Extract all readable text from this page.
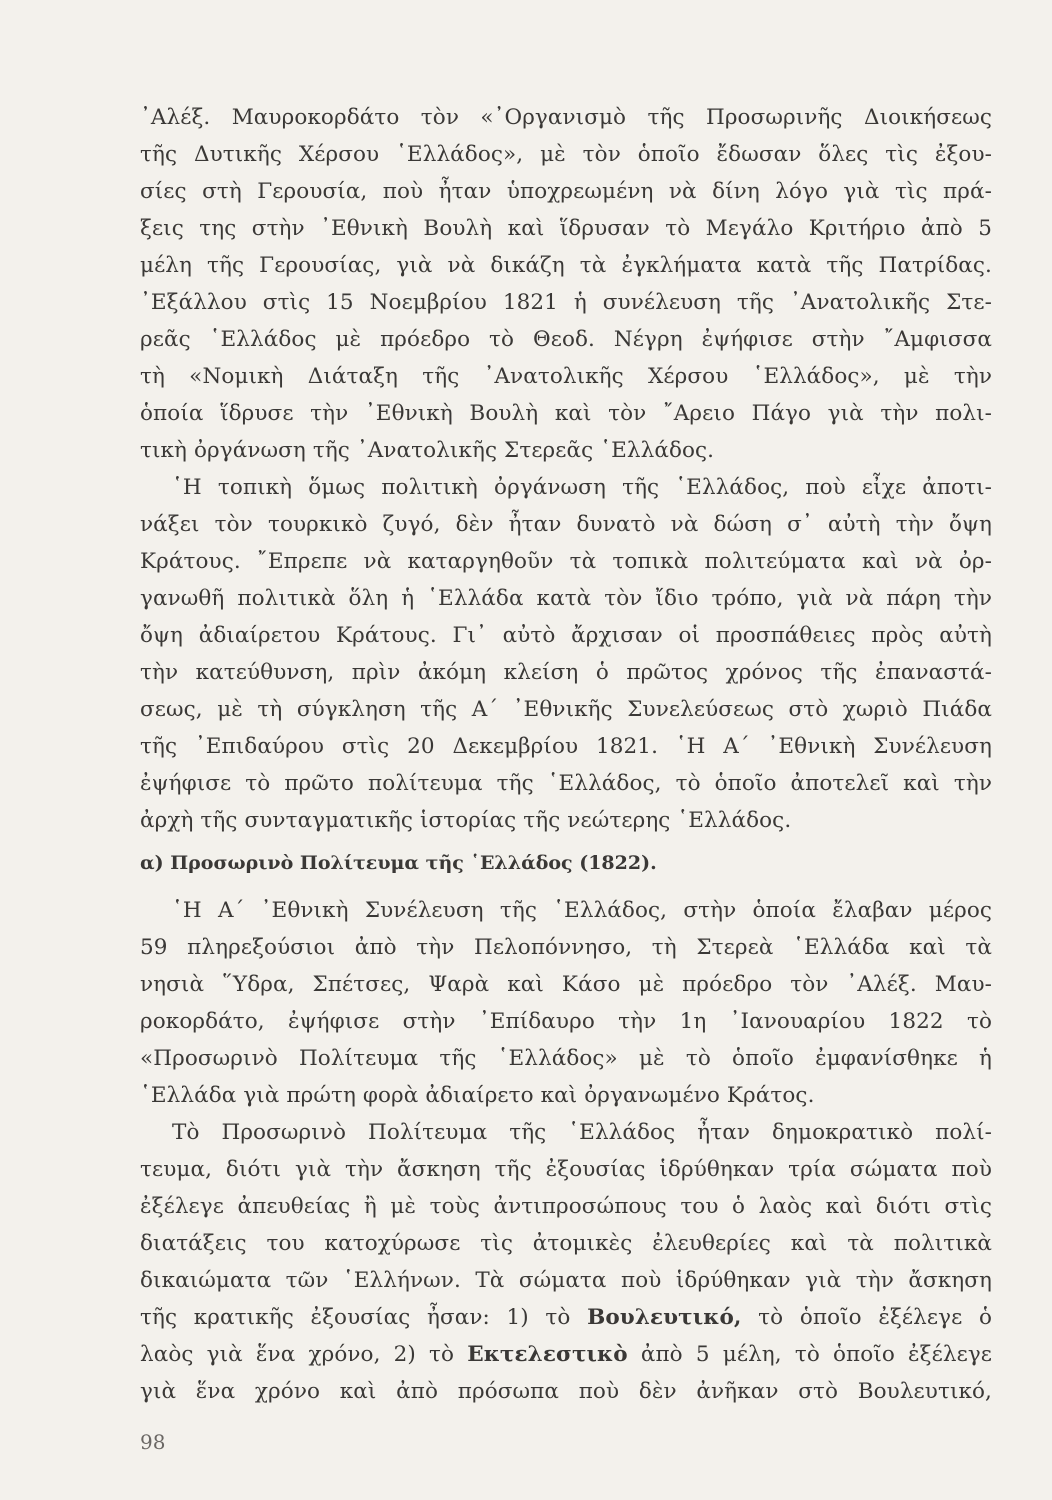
᾿Αλέξ. Μαυροκορδάτο τὸν «᾿Οργανισμὸ τῆς Προσωρινῆς Διοικήσεως
τῆς Δυτικῆς Χέρσου ῾Ελλάδος», μὲ τὸν ὁποῖο ἔδωσαν ὅλες τὶς ἐξου-
σίες στὴ Γερουσία, ποὺ ἦταν ὑποχρεωμένη νὰ δίνη λόγο γιὰ τὶς πρά-
ξεις της στὴν ᾿Εθνικὴ Βουλὴ καὶ ἵδρυσαν τὸ Μεγάλο Κριτήριο ἀπὸ 5
μέλη τῆς Γερουσίας, γιὰ νὰ δικάζη τὰ ἐγκλήματα κατὰ τῆς Πατρίδας.
᾿Εξάλλου στὶς 15 Νοεμβρίου 1821 ἡ συνέλευση τῆς ᾿Ανατολικῆς Στε-
ρεᾶς ῾Ελλάδος μὲ πρόεδρο τὸ Θεοδ. Νέγρη ἐψήφισε στὴν ῎Αμφισσα
τὴ «Νομικὴ Διάταξη τῆς ᾿Ανατολικῆς Χέρσου ῾Ελλάδος», μὲ τὴν
ὁποία ἵδρυσε τὴν ᾿Εθνικὴ Βουλὴ καὶ τὸν ῎Αρειο Πάγο γιὰ τὴν πολι-
τικὴ ὀργάνωση τῆς ᾿Ανατολικῆς Στερεᾶς ῾Ελλάδος.
῾Η τοπικὴ ὅμως πολιτικὴ ὀργάνωση τῆς ῾Ελλάδος, ποὺ εἶχε ἀποτι-
νάξει τὸν τουρκικὸ ζυγό, δὲν ἦταν δυνατὸ νὰ δώση σ᾿ αὐτὴ τὴν ὄψη
Κράτους. ῎Επρεπε νὰ καταργηθοῦν τὰ τοπικὰ πολιτεύματα καὶ νὰ ὀρ-
γανωθῆ πολιτικὰ ὅλη ἡ ῾Ελλάδα κατὰ τὸν ἴδιο τρόπο, γιὰ νὰ πάρη τὴν
ὄψη ἀδιαίρετου Κράτους. Γι᾿ αὐτὸ ἄρχισαν οἱ προσπάθειες πρὸς αὐτὴ
τὴν κατεύθυνση, πρὶν ἀκόμη κλείση ὁ πρῶτος χρόνος τῆς ἐπαναστά-
σεως, μὲ τὴ σύγκληση τῆς Α΄ ᾿Εθνικῆς Συνελεύσεως στὸ χωριὸ Πιάδα
τῆς ᾿Επιδαύρου στὶς 20 Δεκεμβρίου 1821. ῾Η Α΄ ᾿Εθνικὴ Συνέλευση
ἐψήφισε τὸ πρῶτο πολίτευμα τῆς ῾Ελλάδος, τὸ ὁποῖο ἀποτελεῖ καὶ τὴν
ἀρχὴ τῆς συνταγματικῆς ἱστορίας τῆς νεώτερης ῾Ελλάδος.
α) Προσωρινὸ Πολίτευμα τῆς ῾Ελλάδος (1822).
῾Η Α΄ ᾿Εθνικὴ Συνέλευση τῆς ῾Ελλάδος, στὴν ὁποία ἔλαβαν μέρος
59 πληρεξούσιοι ἀπὸ τὴν Πελοπόννησο, τὴ Στερεὰ ῾Ελλάδα καὶ τὰ
νησιὰ ῞Υδρα, Σπέτσες, Ψαρὰ καὶ Κάσο μὲ πρόεδρο τὸν ᾿Αλέξ. Μαυ-
ροκορδάτο, ἐψήφισε στὴν ᾿Επίδαυρο τὴν 1η ᾿Ιανουαρίου 1822 τὸ
«Προσωρινὸ Πολίτευμα τῆς ῾Ελλάδος» μὲ τὸ ὁποῖο ἐμφανίσθηκε ἡ
῾Ελλάδα γιὰ πρώτη φορὰ ἀδιαίρετο καὶ ὀργανωμένο Κράτος.
Τὸ Προσωρινὸ Πολίτευμα τῆς ῾Ελλάδος ἦταν δημοκρατικὸ πολί-
τευμα, διότι γιὰ τὴν ἄσκηση τῆς ἐξουσίας ἱδρύθηκαν τρία σώματα ποὺ
ἐξέλεγε ἀπευθείας ἢ μὲ τοὺς ἀντιπροσώπους του ὁ λαὸς καὶ διότι στὶς
διατάξεις του κατοχύρωσε τὶς ἀτομικὲς ἐλευθερίες καὶ τὰ πολιτικὰ
δικαιώματα τῶν ῾Ελλήνων. Τὰ σώματα ποὺ ἱδρύθηκαν γιὰ τὴν ἄσκηση
τῆς κρατικῆς ἐξουσίας ἦσαν: 1) τὸ Βουλευτικό, τὸ ὁποῖο ἐξέλεγε ὁ
λαὸς γιὰ ἕνα χρόνο, 2) τὸ Εκτελεστικὸ ἀπὸ 5 μέλη, τὸ ὁποῖο ἐξέλεγε
γιὰ ἕνα χρόνο καὶ ἀπὸ πρόσωπα ποὺ δὲν ἀνῆκαν στὸ Βουλευτικό,
98
